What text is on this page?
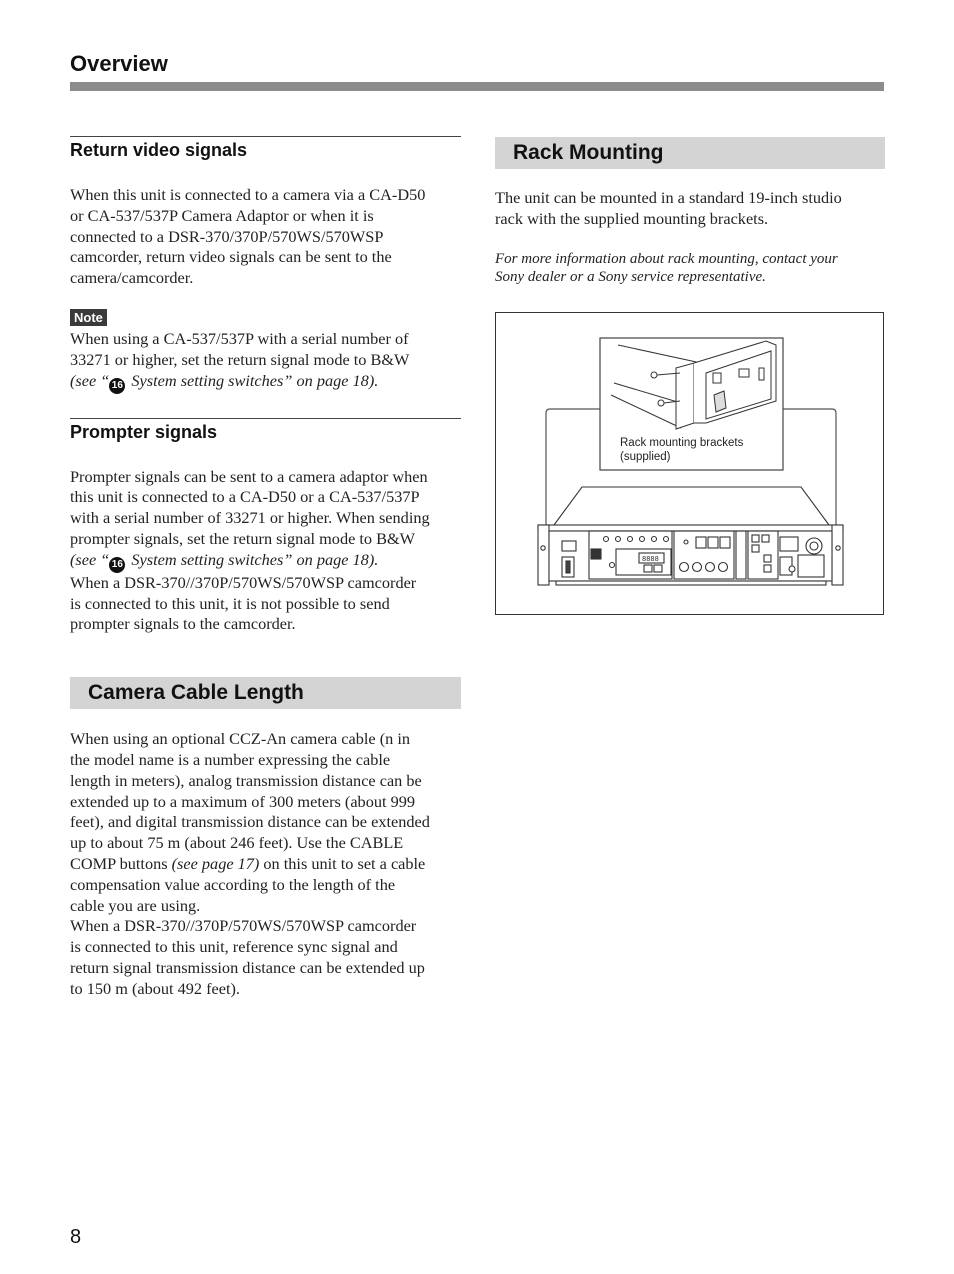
Overview
Return video signals

When this unit is connected to a camera via a CA-D50
or CA-537/537P Camera Adaptor or when it is
connected to a DSR-370/370P/570WS/570WSP
camcorder, return video signals can be sent to the
camera/camcorder.

Note

When using a CA-537/537P with a serial number of
33271 or higher, set the return signal mode to B&W
(see “ 16 System setting switches” on page 18).

Prompter signals

Prompter signals can be sent to a camera adaptor when
this unit is connected to a CA-D50 or a CA-537/537P
with a serial number of 33271 or higher. When sending
prompter signals, set the return signal mode to B&W
(see “ 16 System setting switches” on page 18).
When a DSR-370//370P/570WS/570WSP camcorder
is connected to this unit, it is not possible to send
prompter signals to the camcorder.

Camera Cable Length

When using an optional CCZ-An camera cable (n in
the model name is a number expressing the cable
length in meters), analog transmission distance can be
extended up to a maximum of 300 meters (about 999
feet), and digital transmission distance can be extended
up to about 75 m (about 246 feet). Use the CABLE
COMP buttons (see page 17) on this unit to set a cable
compensation value according to the length of the
cable you are using.
When a DSR-370//370P/570WS/570WSP camcorder
is connected to this unit, reference sync signal and
return signal transmission distance can be extended up
to 150 m (about 492 feet).

Rack Mounting

The unit can be mounted in a standard 19-inch studio
rack with the supplied mounting brackets.

For more information about rack mounting, contact your
Sony dealer or a Sony service representative.

Rack mounting brackets
(supplied)
8888
8
